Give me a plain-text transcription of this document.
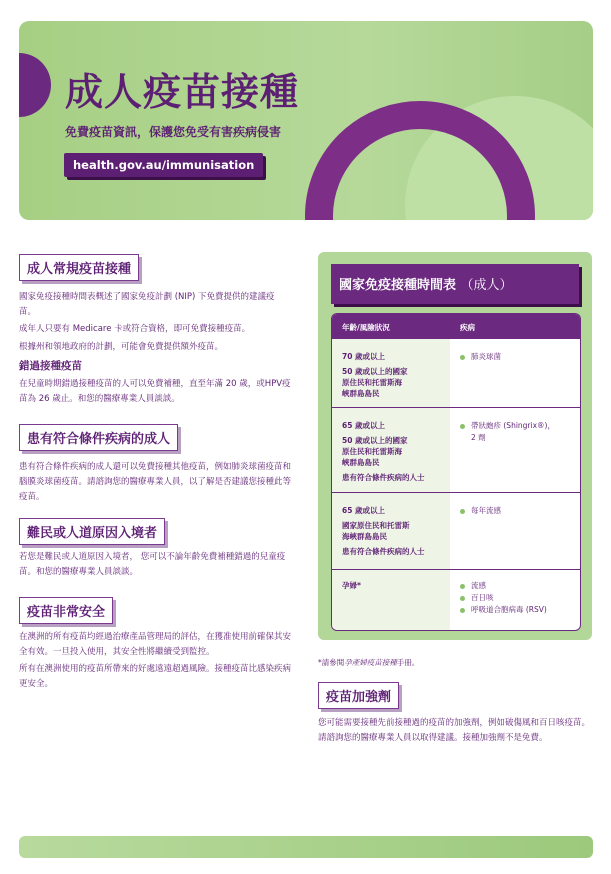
成人疫苗接種
免費疫苗資訊，保護您免受有害疾病侵害
health.gov.au/immunisation
成人常規疫苗接種
國家免疫接種時間表概述了國家免疫計劃 (NIP) 下免費提供的建議疫苗。
成年人只要有 Medicare 卡或符合資格，即可免費接種疫苗。
根據州和領地政府的計劃，可能會免費提供額外疫苗。
錯過接種疫苗
在兒童時期錯過接種疫苗的人可以免費補種，直至年滿 20 歲，或HPV疫苗為 26 歲止。和您的醫療專業人員談談。
患有符合條件疾病的成人
患有符合條件疾病的成人還可以免費接種其他疫苗，例如肺炎球菌疫苗和腦膜炎球菌疫苗。請諮詢您的醫療專業人員，以了解是否建議您接種此等疫苗。
難民或人道原因入境者
若您是難民或人道原因入境者， 您可以不論年齡免費補種錯過的兒童疫苗。和您的醫療專業人員談談。
疫苗非常安全
在澳洲的所有疫苗均經過治療產品管理局的評估，在獲准使用前確保其安全有效。一旦投入使用，其安全性將繼續受到監控。
所有在澳洲使用的疫苗所帶來的好處遠遠超過風險。接種疫苗比感染疾病更安全。
國家免疫接種時間表 （成人）
年齡/風險狀況	疾病
70 歲或以上
50 歲或以上的國家
原住民和托雷斯海
峽群島島民
肺炎球菌
65 歲或以上
50 歲或以上的國家
原住民和托雷斯海
峽群島島民
患有符合條件疾病的人士
帶狀皰疹 (Shingrix®)，
2 劑
65 歲或以上
國家原住民和托雷斯
海峽群島島民
患有符合條件疾病的人士
每年流感
孕婦*	流感
百日咳
呼吸道合胞病毒 (RSV)
*請參閱孕產婦疫苗接種手冊。
疫苗加強劑
您可能需要接種先前接種過的疫苗的加強劑，例如破傷風和百日咳疫苗。請諮詢您的醫療專業人員以取得建議。接種加強劑不是免費。
